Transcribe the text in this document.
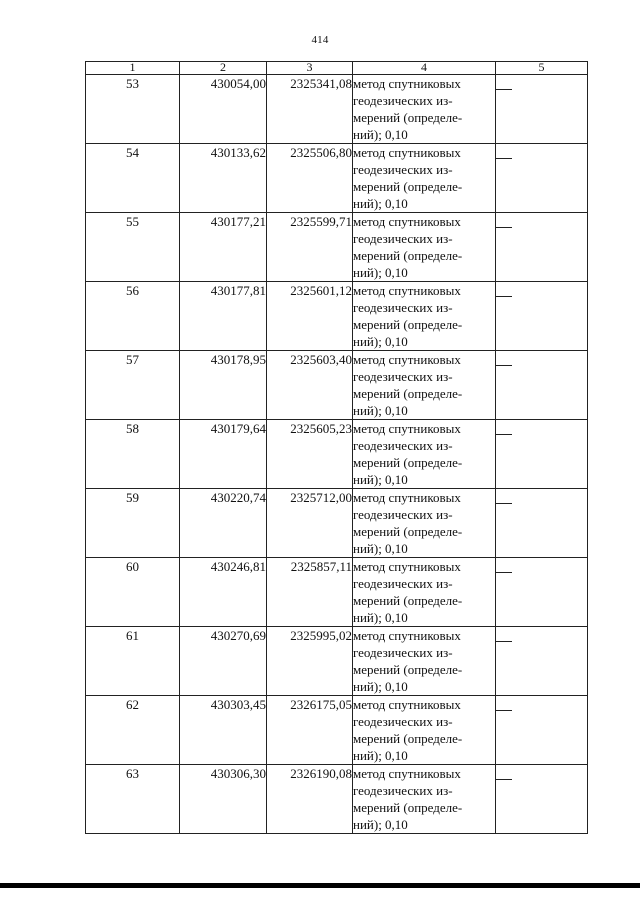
414
1	2	3	4	5
53	430054,00	2325341,08	метод спутниковых
геодезических из-
мерений (определе-
ний); 0,10	

54	430133,62	2325506,80	метод спутниковых
геодезических из-
мерений (определе-
ний); 0,10	

55	430177,21	2325599,71	метод спутниковых
геодезических из-
мерений (определе-
ний); 0,10	

56	430177,81	2325601,12	метод спутниковых
геодезических из-
мерений (определе-
ний); 0,10	

57	430178,95	2325603,40	метод спутниковых
геодезических из-
мерений (определе-
ний); 0,10	

58	430179,64	2325605,23	метод спутниковых
геодезических из-
мерений (определе-
ний); 0,10	

59	430220,74	2325712,00	метод спутниковых
геодезических из-
мерений (определе-
ний); 0,10	

60	430246,81	2325857,11	метод спутниковых
геодезических из-
мерений (определе-
ний); 0,10	

61	430270,69	2325995,02	метод спутниковых
геодезических из-
мерений (определе-
ний); 0,10	

62	430303,45	2326175,05	метод спутниковых
геодезических из-
мерений (определе-
ний); 0,10	

63	430306,30	2326190,08	метод спутниковых
геодезических из-
мерений (определе-
ний); 0,10	
